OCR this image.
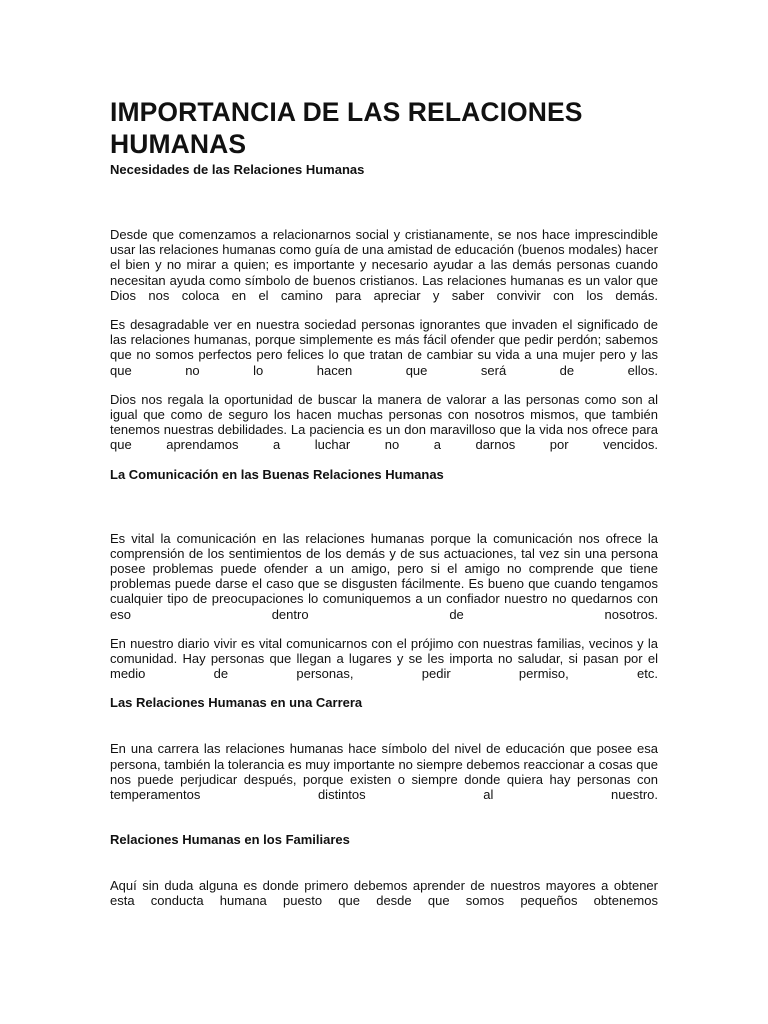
IMPORTANCIA DE LAS RELACIONES HUMANAS
Necesidades de las Relaciones Humanas

Desde que comenzamos a relacionarnos social y cristianamente, se nos hace imprescindible usar las relaciones humanas como guía de una amistad de educación (buenos modales) hacer el bien y no mirar a quien; es importante y necesario ayudar a las demás personas cuando necesitan ayuda como símbolo de buenos cristianos. Las relaciones humanas es un valor que Dios nos coloca en el camino para apreciar y saber convivir con los demás.

Es desagradable ver en nuestra sociedad personas ignorantes que invaden el significado de las relaciones humanas, porque simplemente es más fácil ofender que pedir perdón; sabemos que no somos perfectos pero felices lo que tratan de cambiar su vida a una mujer pero y las que no lo hacen que será de ellos.

Dios nos regala la oportunidad de buscar la manera de valorar a las personas como son al igual que como de seguro los hacen muchas personas con nosotros mismos, que también tenemos nuestras debilidades. La paciencia es un don maravilloso que la vida nos ofrece para que aprendamos a luchar no a darnos por vencidos.

La Comunicación en las Buenas Relaciones Humanas

Es vital la comunicación en las relaciones humanas porque la comunicación nos ofrece la comprensión de los sentimientos de los demás y de sus actuaciones, tal vez sin una persona posee problemas puede ofender a un amigo, pero si el amigo no comprende que tiene problemas puede darse el caso que se disgusten fácilmente. Es bueno que cuando tengamos cualquier tipo de preocupaciones lo comuniquemos a un confiador nuestro no quedarnos con eso dentro de nosotros.

En nuestro diario vivir es vital comunicarnos con el prójimo con nuestras familias, vecinos y la comunidad. Hay personas que llegan a lugares y se les importa no saludar, si pasan por el medio de personas, pedir permiso, etc.

Las Relaciones Humanas en una Carrera

En una carrera las relaciones humanas hace símbolo del nivel de educación que posee esa persona, también la tolerancia es muy importante no siempre debemos reaccionar a cosas que nos puede perjudicar después, porque existen o siempre donde quiera hay personas con temperamentos distintos al nuestro.

Relaciones Humanas en los Familiares

Aquí sin duda alguna es donde primero debemos aprender de nuestros mayores a obtener esta conducta humana puesto que desde que somos pequeños obtenemos
